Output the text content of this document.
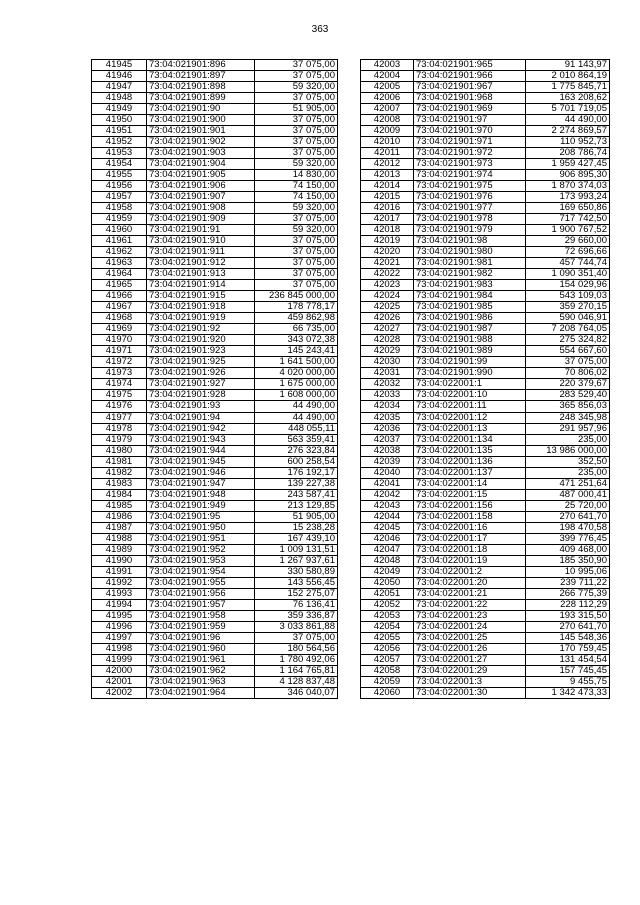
363
41945	73:04:021901:896	37 075,00
41946	73:04:021901:897	37 075,00
41947	73:04:021901:898	59 320,00
41948	73:04:021901:899	37 075,00
41949	73:04:021901:90	51 905,00
41950	73:04:021901:900	37 075,00
41951	73:04:021901:901	37 075,00
41952	73:04:021901:902	37 075,00
41953	73:04:021901:903	37 075,00
41954	73:04:021901:904	59 320,00
41955	73:04:021901:905	14 830,00
41956	73:04:021901:906	74 150,00
41957	73:04:021901:907	74 150,00
41958	73:04:021901:908	59 320,00
41959	73:04:021901:909	37 075,00
41960	73:04:021901:91	59 320,00
41961	73:04:021901:910	37 075,00
41962	73:04:021901:911	37 075,00
41963	73:04:021901:912	37 075,00
41964	73:04:021901:913	37 075,00
41965	73:04:021901:914	37 075,00
41966	73:04:021901:915	236 845 000,00
41967	73:04:021901:918	178 778,17
41968	73:04:021901:919	459 862,98
41969	73:04:021901:92	66 735,00
41970	73:04:021901:920	343 072,38
41971	73:04:021901:923	145 243,41
41972	73:04:021901:925	1 641 500,00
41973	73:04:021901:926	4 020 000,00
41974	73:04:021901:927	1 675 000,00
41975	73:04:021901:928	1 608 000,00
41976	73:04:021901:93	44 490,00
41977	73:04:021901:94	44 490,00
41978	73:04:021901:942	448 055,11
41979	73:04:021901:943	563 359,41
41980	73:04:021901:944	276 323,84
41981	73:04:021901:945	600 258,54
41982	73:04:021901:946	176 192,17
41983	73:04:021901:947	139 227,38
41984	73:04:021901:948	243 587,41
41985	73:04:021901:949	213 129,85
41986	73:04:021901:95	51 905,00
41987	73:04:021901:950	15 238,28
41988	73:04:021901:951	167 439,10
41989	73:04:021901:952	1 009 131,51
41990	73:04:021901:953	1 267 937,61
41991	73:04:021901:954	330 580,89
41992	73:04:021901:955	143 556,45
41993	73:04:021901:956	152 275,07
41994	73:04:021901:957	76 136,41
41995	73:04:021901:958	359 336,87
41996	73:04:021901:959	3 033 861,88
41997	73:04:021901:96	37 075,00
41998	73:04:021901:960	180 564,56
41999	73:04:021901:961	1 780 492,06
42000	73:04:021901:962	1 164 765,81
42001	73:04:021901:963	4 128 837,48
42002	73:04:021901:964	346 040,07
42003	73:04:021901:965	91 143,97
42004	73:04:021901:966	2 010 864,19
42005	73:04:021901:967	1 775 845,71
42006	73:04:021901:968	163 208,62
42007	73:04:021901:969	5 701 719,05
42008	73:04:021901:97	44 490,00
42009	73:04:021901:970	2 274 869,57
42010	73:04:021901:971	110 952,73
42011	73:04:021901:972	208 786,74
42012	73:04:021901:973	1 959 427,45
42013	73:04:021901:974	906 895,30
42014	73:04:021901:975	1 870 374,03
42015	73:04:021901:976	173 993,24
42016	73:04:021901:977	169 650,86
42017	73:04:021901:978	717 742,50
42018	73:04:021901:979	1 900 767,52
42019	73:04:021901:98	29 660,00
42020	73:04:021901:980	72 696,66
42021	73:04:021901:981	457 744,74
42022	73:04:021901:982	1 090 351,40
42023	73:04:021901:983	154 029,96
42024	73:04:021901:984	543 109,03
42025	73:04:021901:985	359 270,15
42026	73:04:021901:986	590 046,91
42027	73:04:021901:987	7 208 764,05
42028	73:04:021901:988	275 324,82
42029	73:04:021901:989	554 667,60
42030	73:04:021901:99	37 075,00
42031	73:04:021901:990	70 806,02
42032	73:04:022001:1	220 379,67
42033	73:04:022001:10	283 529,40
42034	73:04:022001:11	365 856,03
42035	73:04:022001:12	248 345,98
42036	73:04:022001:13	291 957,96
42037	73:04:022001:134	235,00
42038	73:04:022001:135	13 986 000,00
42039	73:04:022001:136	352,50
42040	73:04:022001:137	235,00
42041	73:04:022001:14	471 251,64
42042	73:04:022001:15	487 000,41
42043	73:04:022001:156	25 720,00
42044	73:04:022001:158	270 641,70
42045	73:04:022001:16	198 470,58
42046	73:04:022001:17	399 776,45
42047	73:04:022001:18	409 468,00
42048	73:04:022001:19	185 350,90
42049	73:04:022001:2	10 995,06
42050	73:04:022001:20	239 711,22
42051	73:04:022001:21	266 775,39
42052	73:04:022001:22	228 112,29
42053	73:04:022001:23	193 315,50
42054	73:04:022001:24	270 641,70
42055	73:04:022001:25	145 548,36
42056	73:04:022001:26	170 759,45
42057	73:04:022001:27	131 454,54
42058	73:04:022001:29	157 745,45
42059	73:04:022001:3	9 455,75
42060	73:04:022001:30	1 342 473,33
